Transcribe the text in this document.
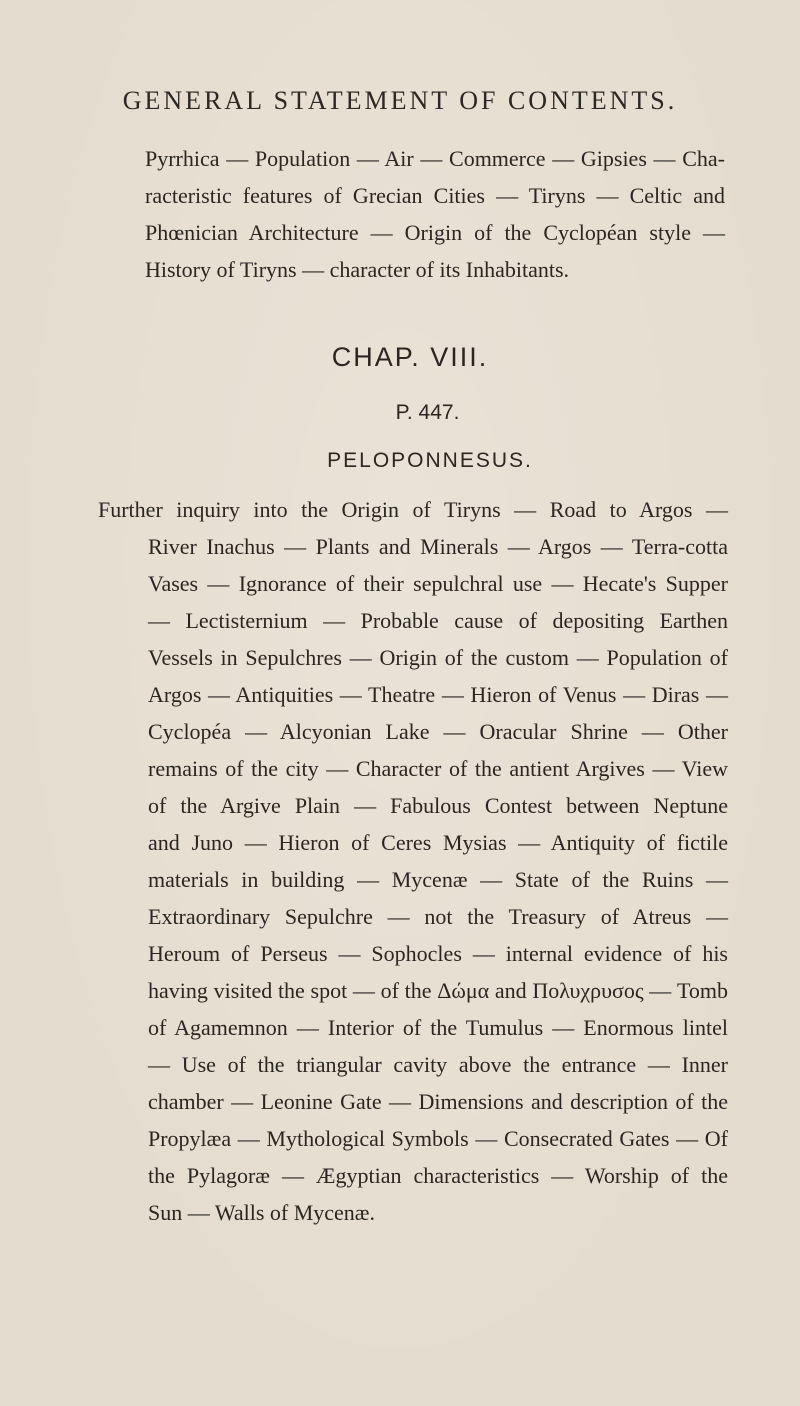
GENERAL STATEMENT OF CONTENTS.
Pyrrhica — Population — Air — Commerce — Gipsies — Cha-
racteristic features of Grecian Cities — Tiryns — Celtic and
Phœnician Architecture — Origin of the Cyclopéan style —
History of Tiryns — character of its Inhabitants.
CHAP. VIII.
P. 447.
PELOPONNESUS.
Further inquiry into the Origin of Tiryns — Road to Argos —
River Inachus — Plants and Minerals — Argos — Terra-cotta
Vases — Ignorance of their sepulchral use — Hecate's Supper
— Lectisternium — Probable cause of depositing Earthen
Vessels in Sepulchres — Origin of the custom — Population of
Argos — Antiquities — Theatre — Hieron of Venus — Diras —
Cyclopéa — Alcyonian Lake — Oracular Shrine — Other
remains of the city — Character of the antient Argives — View
of the Argive Plain — Fabulous Contest between Neptune
and Juno — Hieron of Ceres Mysias — Antiquity of fictile
materials in building — Mycenæ — State of the Ruins —
Extraordinary Sepulchre — not the Treasury of Atreus —
Heroum of Perseus — Sophocles — internal evidence of his
having visited the spot — of the Δώμα and Πολυχρυσος — Tomb
of Agamemnon — Interior of the Tumulus — Enormous lintel
— Use of the triangular cavity above the entrance — Inner
chamber — Leonine Gate — Dimensions and description of the
Propylæa — Mythological Symbols — Consecrated Gates — Of
the Pylagoræ — Ægyptian characteristics — Worship of the
Sun — Walls of Mycenæ.
